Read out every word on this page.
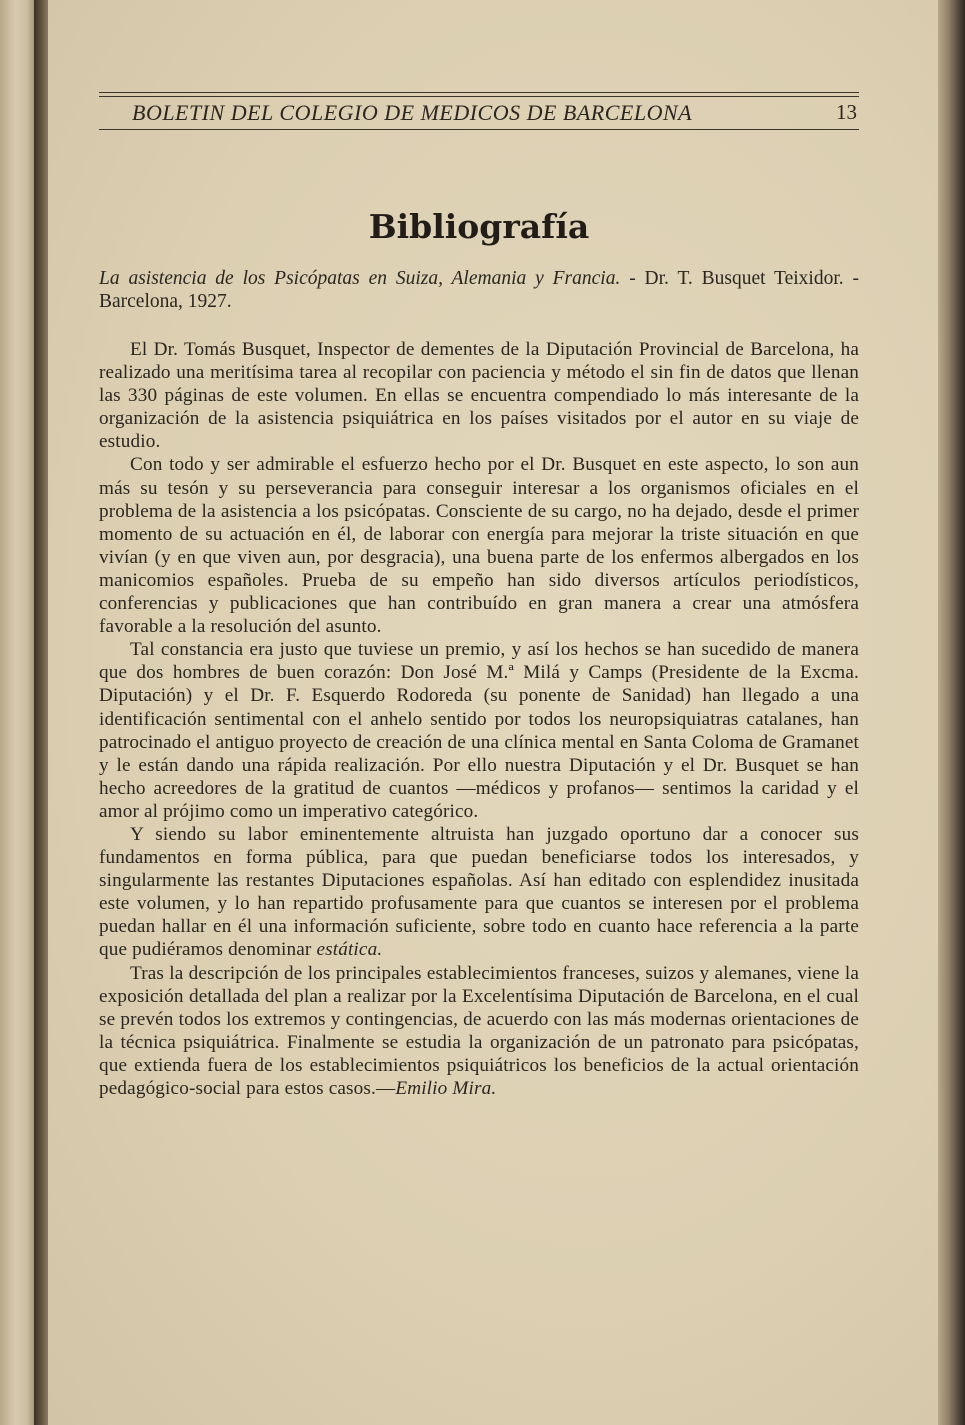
BOLETIN DEL COLEGIO DE MEDICOS DE BARCELONA	13
Bibliografía
La asistencia de los Psicópatas en Suiza, Alemania y Francia. - Dr. T. Busquet Teixidor. - Barcelona, 1927.

El Dr. Tomás Busquet, Inspector de dementes de la Diputación Provincial de Barcelona, ha realizado una meritísima tarea al recopilar con paciencia y método el sin fin de datos que llenan las 330 páginas de este volumen. En ellas se encuentra compendiado lo más interesante de la organización de la asistencia psiquiátrica en los países visitados por el autor en su viaje de estudio.

Con todo y ser admirable el esfuerzo hecho por el Dr. Busquet en este aspecto, lo son aun más su tesón y su perseverancia para conseguir interesar a los organismos oficiales en el problema de la asistencia a los psicópatas. Consciente de su cargo, no ha dejado, desde el primer momento de su actuación en él, de laborar con energía para mejorar la triste situación en que vivían (y en que viven aun, por desgracia), una buena parte de los enfermos albergados en los manicomios españoles. Prueba de su empeño han sido diversos artículos periodísticos, conferencias y publicaciones que han contribuído en gran manera a crear una atmósfera favorable a la resolución del asunto.

Tal constancia era justo que tuviese un premio, y así los hechos se han sucedido de manera que dos hombres de buen corazón: Don José M.ª Milá y Camps (Presidente de la Excma. Diputación) y el Dr. F. Esquerdo Rodoreda (su ponente de Sanidad) han llegado a una identificación sentimental con el anhelo sentido por todos los neuropsiquiatras catalanes, han patrocinado el antiguo proyecto de creación de una clínica mental en Santa Coloma de Gramanet y le están dando una rápida realización. Por ello nuestra Diputación y el Dr. Busquet se han hecho acreedores de la gratitud de cuantos —médicos y profanos— sentimos la caridad y el amor al prójimo como un imperativo categórico.

Y siendo su labor eminentemente altruista han juzgado oportuno dar a conocer sus fundamentos en forma pública, para que puedan beneficiarse todos los interesados, y singularmente las restantes Diputaciones españolas. Así han editado con esplendidez inusitada este volumen, y lo han repartido profusamente para que cuantos se interesen por el problema puedan hallar en él una información suficiente, sobre todo en cuanto hace referencia a la parte que pudiéramos denominar estática.

Tras la descripción de los principales establecimientos franceses, suizos y alemanes, viene la exposición detallada del plan a realizar por la Excelentísima Diputación de Barcelona, en el cual se prevén todos los extremos y contingencias, de acuerdo con las más modernas orientaciones de la técnica psiquiátrica. Finalmente se estudia la organización de un patronato para psicópatas, que extienda fuera de los establecimientos psiquiátricos los beneficios de la actual orientación pedagógico-social para estos casos.—Emilio Mira.
